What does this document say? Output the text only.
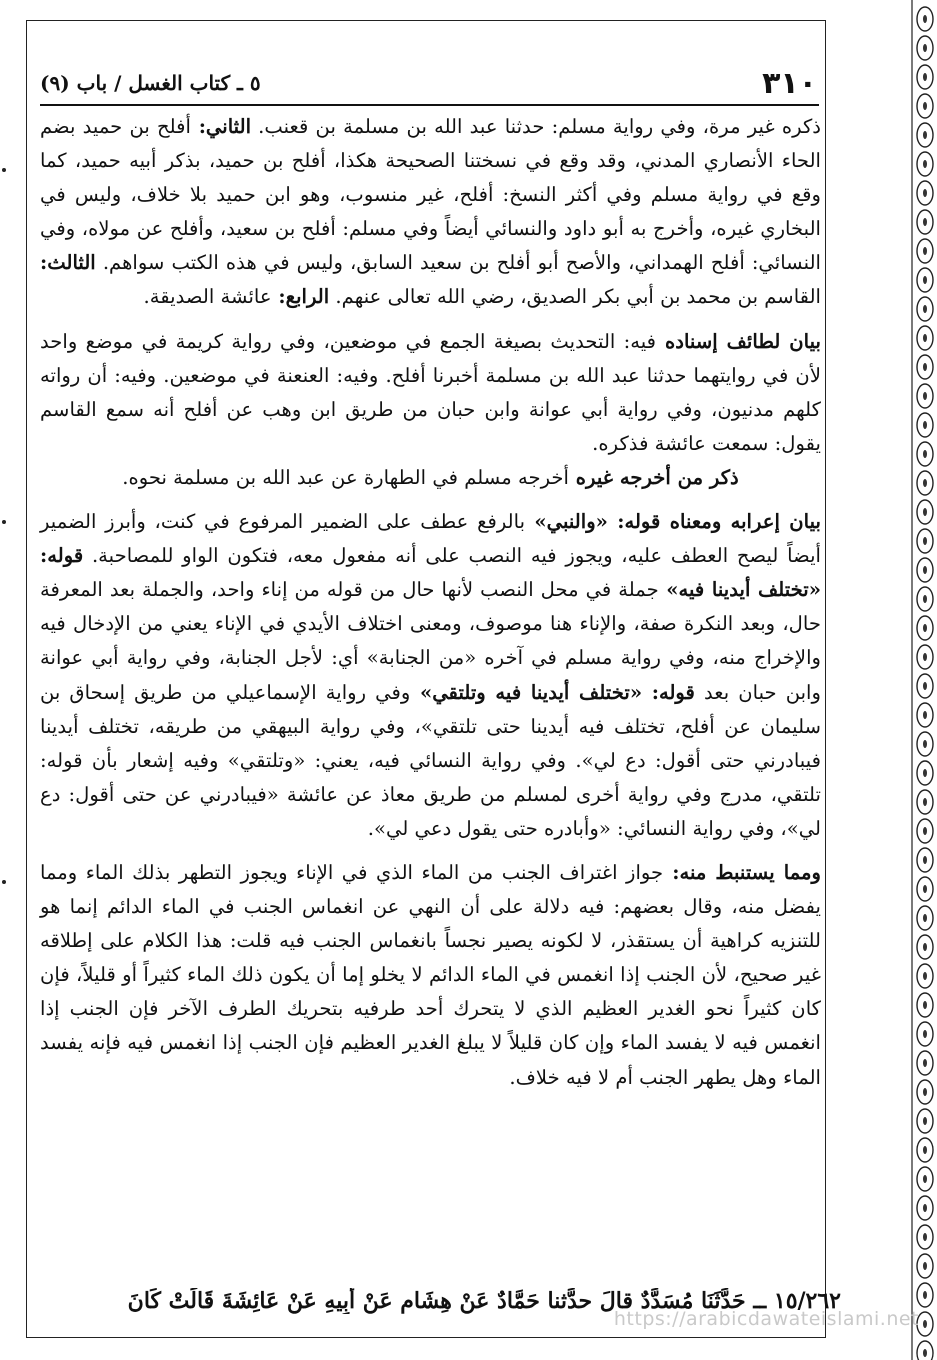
٣١٠
٥ ـ كتاب الغسل / باب (٩)

ذكره غير مرة، وفي رواية مسلم: حدثنا عبد الله بن مسلمة بن قعنب. الثاني: أفلح بن حميد بضم الحاء الأنصاري المدني، وقد وقع في نسختنا الصحيحة هكذا، أفلح بن حميد، بذكر أبيه حميد، كما وقع في رواية مسلم وفي أكثر النسخ: أفلح، غير منسوب، وهو ابن حميد بلا خلاف، وليس في البخاري غيره، وأخرج به أبو داود والنسائي أيضاً وفي مسلم: أفلح بن سعيد، وأفلح عن مولاه، وفي النسائي: أفلح الهمداني، والأصح أبو أفلح بن سعيد السابق، وليس في هذه الكتب سواهم. الثالث: القاسم بن محمد بن أبي بكر الصديق، رضي الله تعالى عنهم. الرابع: عائشة الصديقة.

بيان لطائف إسناده فيه: التحديث بصيغة الجمع في موضعين، وفي رواية كريمة في موضع واحد لأن في روايتهما حدثنا عبد الله بن مسلمة أخبرنا أفلح. وفيه: العنعنة في موضعين. وفيه: أن رواته كلهم مدنيون، وفي رواية أبي عوانة وابن حبان من طريق ابن وهب عن أفلح أنه سمع القاسم يقول: سمعت عائشة فذكره.

ذكر من أخرجه غيره أخرجه مسلم في الطهارة عن عبد الله بن مسلمة نحوه.

بيان إعرابه ومعناه قوله: «والنبي» بالرفع عطف على الضمير المرفوع في كنت، وأبرز الضمير أيضاً ليصح العطف عليه، ويجوز فيه النصب على أنه مفعول معه، فتكون الواو للمصاحبة. قوله: «تختلف أيدينا فيه» جملة في محل النصب لأنها حال من قوله من إناء واحد، والجملة بعد المعرفة حال، وبعد النكرة صفة، والإناء هنا موصوف، ومعنى اختلاف الأيدي في الإناء يعني من الإدخال فيه والإخراج منه، وفي رواية مسلم في آخره «من الجنابة» أي: لأجل الجنابة، وفي رواية أبي عوانة وابن حبان بعد قوله: «تختلف أيدينا فيه وتلتقي» وفي رواية الإسماعيلي من طريق إسحاق بن سليمان عن أفلح، تختلف فيه أيدينا حتى تلتقي»، وفي رواية البيهقي من طريقه، تختلف أيدينا فيبادرني حتى أقول: دع لي». وفي رواية النسائي فيه، يعني: «وتلتقي» وفيه إشعار بأن قوله: تلتقي، مدرج وفي رواية أخرى لمسلم من طريق معاذ عن عائشة «فيبادرني عن حتى أقول: دع لي»، وفي رواية النسائي: «وأبادره حتى يقول دعي لي».

ومما يستنبط منه: جواز اغتراف الجنب من الماء الذي في الإناء ويجوز التطهر بذلك الماء ومما يفضل منه، وقال بعضهم: فيه دلالة على أن النهي عن انغماس الجنب في الماء الدائم إنما هو للتنزيه كراهية أن يستقذر، لا لكونه يصير نجساً بانغماس الجنب فيه قلت: هذا الكلام على إطلاقه غير صحيح، لأن الجنب إذا انغمس في الماء الدائم لا يخلو إما أن يكون ذلك الماء كثيراً أو قليلاً، فإن كان كثيراً نحو الغدير العظيم الذي لا يتحرك أحد طرفيه بتحريك الطرف الآخر فإن الجنب إذا انغمس فيه لا يفسد الماء وإن كان قليلاً لا يبلغ الغدير العظيم فإن الجنب إذا انغمس فيه فإنه يفسد الماء وهل يطهر الجنب أم لا فيه خلاف.

١٥/٢٦٢ ــ حَدَّثَنَا مُسَدَّدٌ قالَ حدَّثنا حَمَّادٌ عَنْ هِشَامٍ عَنْ أَبِيهِ عَنْ عَائِشَةَ قَالَتْ كَانَ
https://arabicdawateislami.net
